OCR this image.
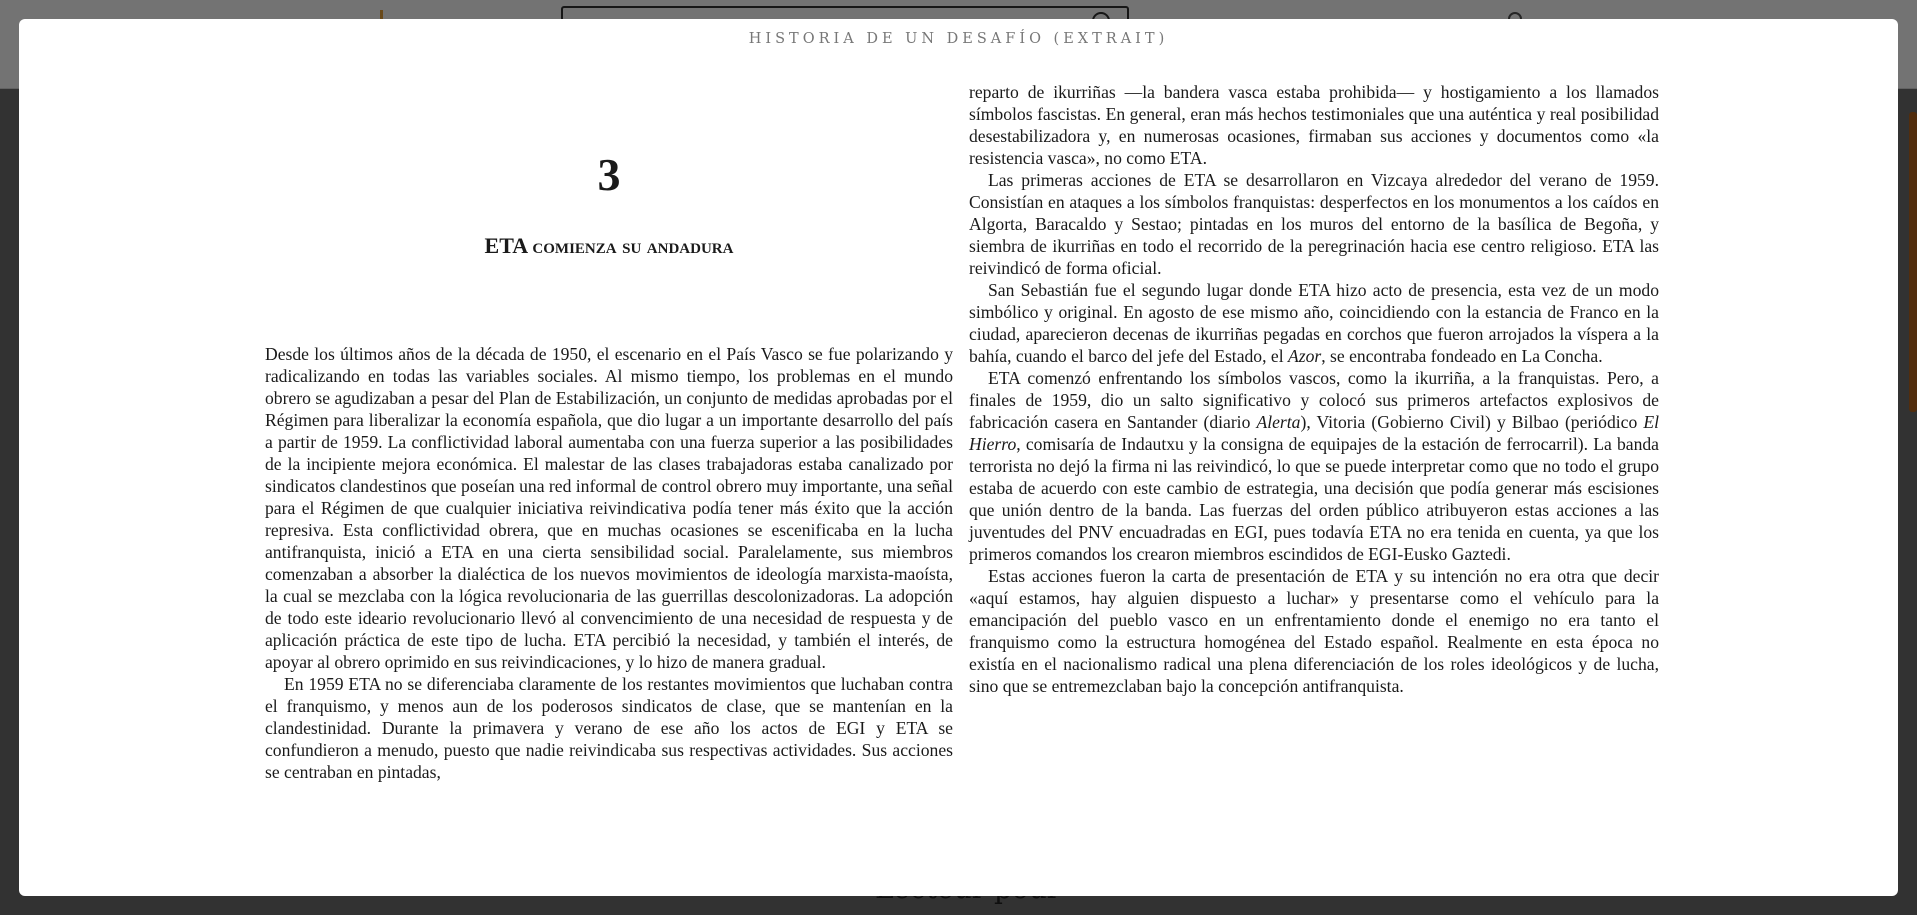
HISTORIA DE UN DESAFÍO (EXTRAIT)
3
ETA comienza su andadura

Desde los últimos años de la década de 1950, el escenario en el País Vasco se fue polarizando y radicalizando en todas las variables sociales. Al mismo tiempo, los problemas en el mundo obrero se agudizaban a pesar del Plan de Estabilización, un conjunto de medidas aprobadas por el Régimen para liberalizar la economía española, que dio lugar a un importante desarrollo del país a partir de 1959. La conflictividad laboral aumentaba con una fuerza superior a las posibilidades de la incipiente mejora económica. El malestar de las clases trabajadoras estaba canalizado por sindicatos clandestinos que poseían una red informal de control obrero muy importante, una señal para el Régimen de que cualquier iniciativa reivindicativa podía tener más éxito que la acción represiva. Esta conflictividad obrera, que en muchas ocasiones se escenificaba en la lucha antifranquista, inició a ETA en una cierta sensibilidad social. Paralelamente, sus miembros comenzaban a absorber la dialéctica de los nuevos movimientos de ideología marxista-maoísta, la cual se mezclaba con la lógica revolucionaria de las guerrillas descolonizadoras. La adopción de todo este ideario revolucionario llevó al convencimiento de una necesidad de respuesta y de aplicación práctica de este tipo de lucha. ETA percibió la necesidad, y también el interés, de apoyar al obrero oprimido en sus reivindicaciones, y lo hizo de manera gradual.

En 1959 ETA no se diferenciaba claramente de los restantes movimientos que luchaban contra el franquismo, y menos aun de los poderosos sindicatos de clase, que se mantenían en la clandestinidad. Durante la primavera y verano de ese año los actos de EGI y ETA se confundieron a menudo, puesto que nadie reivindicaba sus respectivas actividades. Sus acciones se centraban en pintadas,

reparto de ikurriñas —la bandera vasca estaba prohibida— y hostigamiento a los llamados símbolos fascistas. En general, eran más hechos testimoniales que una auténtica y real posibilidad desestabilizadora y, en numerosas ocasiones, firmaban sus acciones y documentos como «la resistencia vasca», no como ETA.

Las primeras acciones de ETA se desarrollaron en Vizcaya alrededor del verano de 1959. Consistían en ataques a los símbolos franquistas: desperfectos en los monumentos a los caídos en Algorta, Baracaldo y Sestao; pintadas en los muros del entorno de la basílica de Begoña, y siembra de ikurriñas en todo el recorrido de la peregrinación hacia ese centro religioso. ETA las reivindicó de forma oficial.

San Sebastián fue el segundo lugar donde ETA hizo acto de presencia, esta vez de un modo simbólico y original. En agosto de ese mismo año, coincidiendo con la estancia de Franco en la ciudad, aparecieron decenas de ikurriñas pegadas en corchos que fueron arrojados la víspera a la bahía, cuando el barco del jefe del Estado, el Azor, se encontraba fondeado en La Concha.

ETA comenzó enfrentando los símbolos vascos, como la ikurriña, a la franquistas. Pero, a finales de 1959, dio un salto significativo y colocó sus primeros artefactos explosivos de fabricación casera en Santander (diario Alerta), Vitoria (Gobierno Civil) y Bilbao (periódico El Hierro, comisaría de Indautxu y la consigna de equipajes de la estación de ferrocarril). La banda terrorista no dejó la firma ni las reivindicó, lo que se puede interpretar como que no todo el grupo estaba de acuerdo con este cambio de estrategia, una decisión que podía generar más escisiones que unión dentro de la banda. Las fuerzas del orden público atribuyeron estas acciones a las juventudes del PNV encuadradas en EGI, pues todavía ETA no era tenida en cuenta, ya que los primeros comandos los crearon miembros escindidos de EGI-Eusko Gaztedi.

Estas acciones fueron la carta de presentación de ETA y su intención no era otra que decir «aquí estamos, hay alguien dispuesto a luchar» y presentarse como el vehículo para la emancipación del pueblo vasco en un enfrentamiento donde el enemigo no era tanto el franquismo como la estructura homogénea del Estado español. Realmente en esta época no existía en el nacionalismo radical una plena diferenciación de los roles ideológicos y de lucha, sino que se entremezclaban bajo la concepción antifranquista.
